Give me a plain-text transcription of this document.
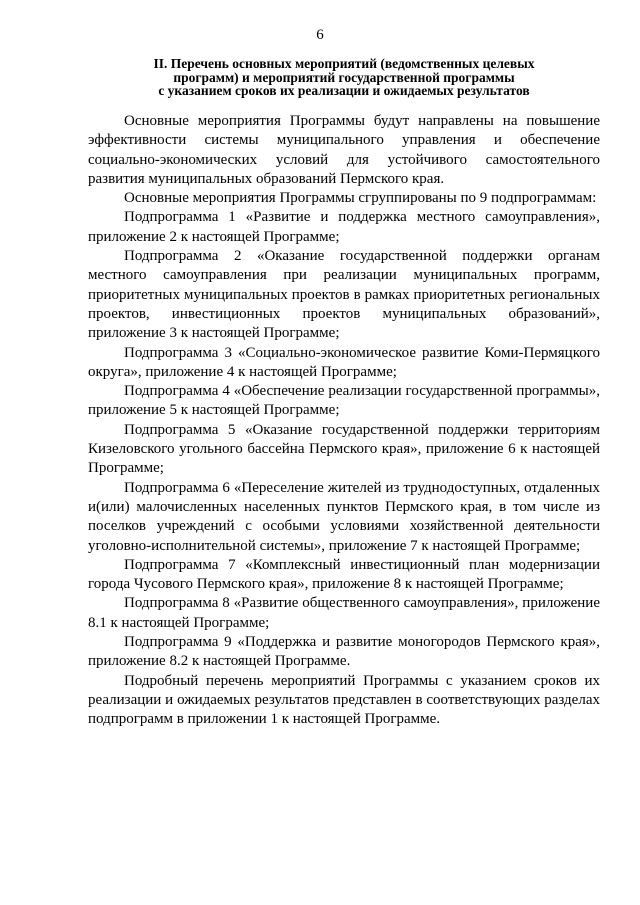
6
II. Перечень основных мероприятий (ведомственных целевых
программ) и мероприятий государственной программы
с указанием сроков их реализации и ожидаемых результатов

Основные мероприятия Программы будут направлены на повышение эффективности системы муниципального управления и обеспечение социально-экономических условий для устойчивого самостоятельного развития муниципальных образований Пермского края.

Основные мероприятия Программы сгруппированы по 9 подпрограммам:

Подпрограмма 1 «Развитие и поддержка местного самоуправления», приложение 2 к настоящей Программе;

Подпрограмма 2 «Оказание государственной поддержки органам местного самоуправления при реализации муниципальных программ, приоритетных муниципальных проектов в рамках приоритетных региональных проектов, инвестиционных проектов муниципальных образований», приложение 3 к настоящей Программе;

Подпрограмма 3 «Социально-экономическое развитие Коми-Пермяцкого округа», приложение 4 к настоящей Программе;

Подпрограмма 4 «Обеспечение реализации государственной программы», приложение 5 к настоящей Программе;

Подпрограмма 5 «Оказание государственной поддержки территориям Кизеловского угольного бассейна Пермского края», приложение 6 к настоящей Программе;

Подпрограмма 6 «Переселение жителей из труднодоступных, отдаленных и(или) малочисленных населенных пунктов Пермского края, в том числе из поселков учреждений с особыми условиями хозяйственной деятельности уголовно-исполнительной системы», приложение 7 к настоящей Программе;

Подпрограмма 7 «Комплексный инвестиционный план модернизации города Чусового Пермского края», приложение 8 к настоящей Программе;

Подпрограмма 8 «Развитие общественного самоуправления», приложение 8.1 к настоящей Программе;

Подпрограмма 9 «Поддержка и развитие моногородов Пермского края», приложение 8.2 к настоящей Программе.

Подробный перечень мероприятий Программы с указанием сроков их реализации и ожидаемых результатов представлен в соответствующих разделах подпрограмм в приложении 1 к настоящей Программе.
